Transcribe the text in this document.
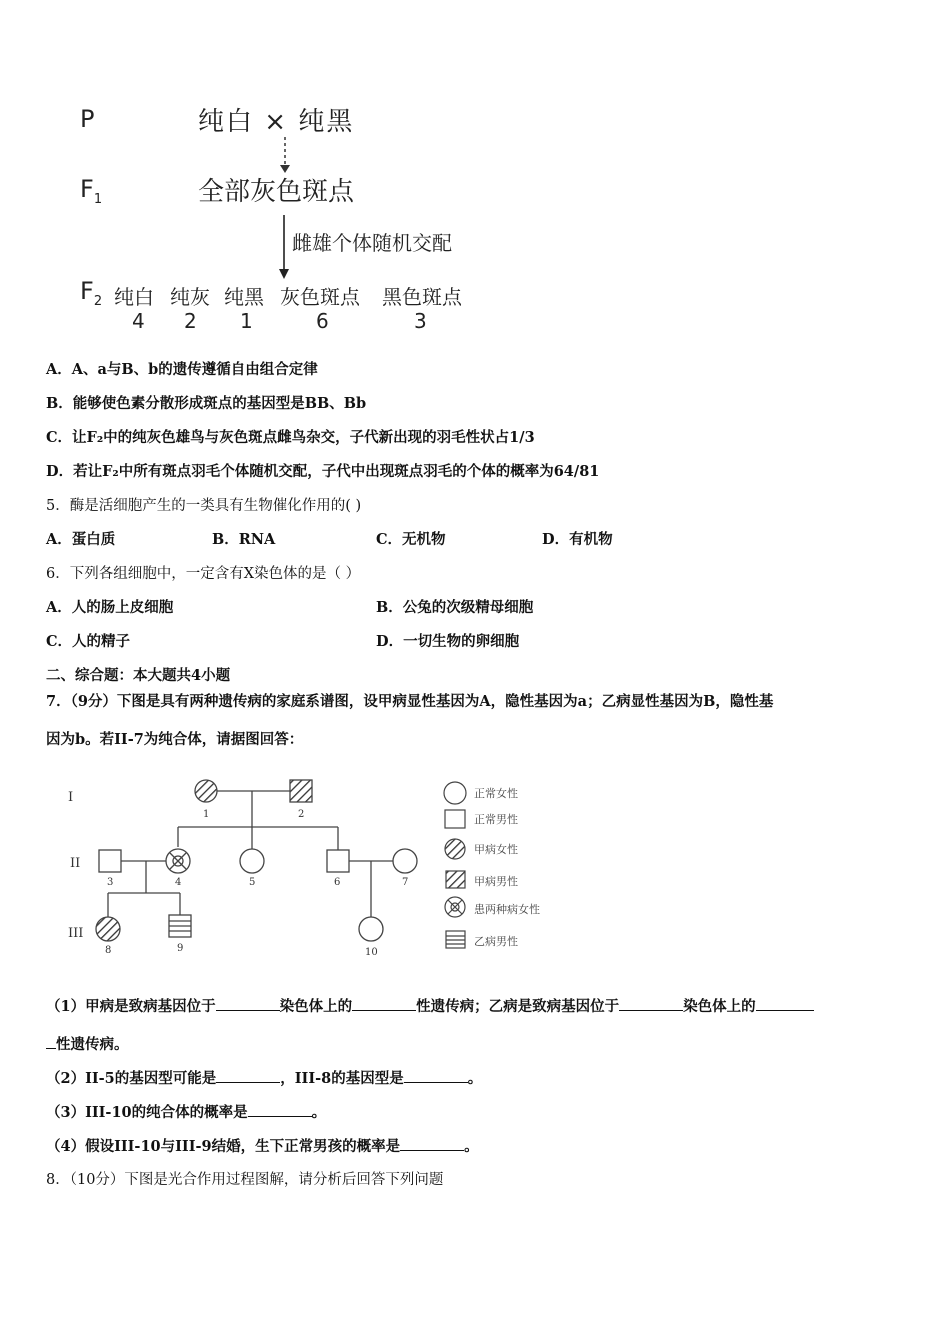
P	纯白 × 纯黑
$F_1$	全部灰色斑点
雌雄个体随机交配
$F_2$ 纯白 纯灰 纯黑 灰色斑点 黑色斑点
4 2 1	6	3
A．A、a与B、b的遗传遵循自由组合定律
B．能够使色素分散形成斑点的基因型是BB、Bb
C．让F₂中的纯灰色雄鸟与灰色斑点雌鸟杂交，子代新出现的羽毛性状占1/3
D．若让F₂中所有斑点羽毛个体随机交配，子代中出现斑点羽毛的个体的概率为64/81
5．酶是活细胞产生的一类具有生物催化作用的( )
A．蛋白质	B．RNA	C．无机物	D．有机物
6．下列各组细胞中，一定含有X染色体的是（ ）
A．人的肠上皮细胞	B．公兔的次级精母细胞
C．人的精子	D．一切生物的卵细胞
二、综合题：本大题共4小题
7．（9分）下图是具有两种遗传病的家庭系谱图，设甲病显性基因为A，隐性基因为a；乙病显性基因为B，隐性基
因为b。若II-7为纯合体，请据图回答：
I
II
III
1	2
3	4	5	6	7
8	9	10
正常女性
正常男性
甲病女性
甲病男性
患两种病女性
乙病男性
（1）甲病是致病基因位于	染色体上的	性遗传病；乙病是致病基因位于	染色体上的
性遗传病。
（2）II-5的基因型可能是	，III-8的基因型是	。
（3）III-10的纯合体的概率是	。
（4）假设III-10与III-9结婚，生下正常男孩的概率是	。
8．（10分）下图是光合作用过程图解，请分析后回答下列问题
